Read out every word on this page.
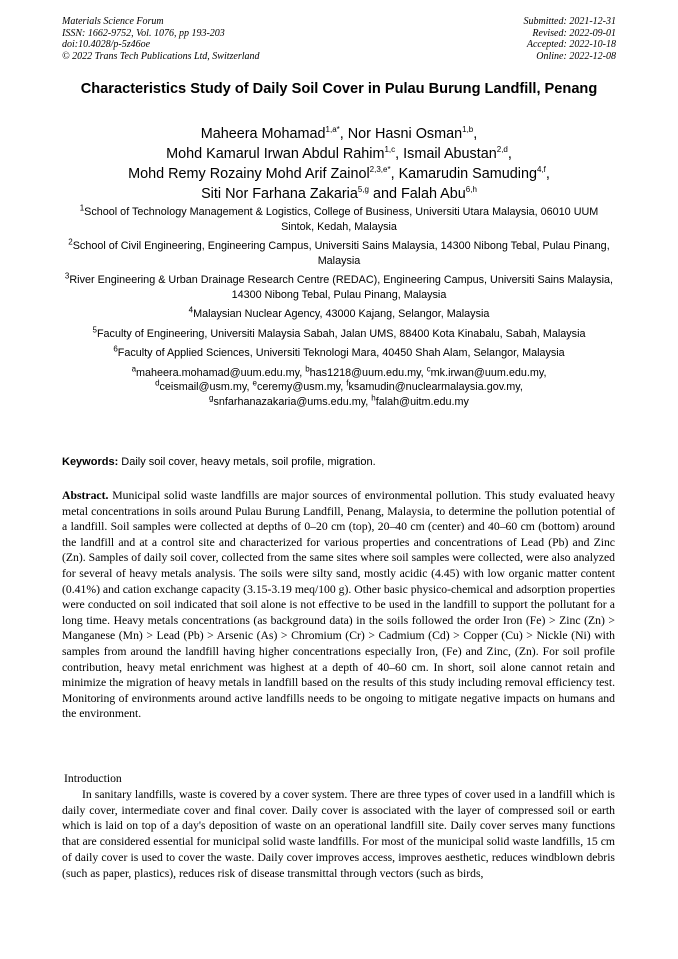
Materials Science Forum
ISSN: 1662-9752, Vol. 1076, pp 193-203
doi:10.4028/p-5z46oe
© 2022 Trans Tech Publications Ltd, Switzerland
Submitted: 2021-12-31
Revised: 2022-09-01
Accepted: 2022-10-18
Online: 2022-12-08
Characteristics Study of Daily Soil Cover in Pulau Burung Landfill, Penang
Maheera Mohamad$^{1,a*}$, Nor Hasni Osman$^{1,b}$,
Mohd Kamarul Irwan Abdul Rahim$^{1,c}$, Ismail Abustan$^{2,d}$,
Mohd Remy Rozainy Mohd Arif Zainol$^{2,3,e*}$, Kamarudin Samuding$^{4,f}$,
Siti Nor Farhana Zakaria$^{5,g}$ and Falah Abu$^{6,h}$
$^1$School of Technology Management & Logistics, College of Business, Universiti Utara Malaysia, 06010 UUM Sintok, Kedah, Malaysia
$^2$School of Civil Engineering, Engineering Campus, Universiti Sains Malaysia, 14300 Nibong Tebal, Pulau Pinang, Malaysia
$^3$River Engineering & Urban Drainage Research Centre (REDAC), Engineering Campus, Universiti Sains Malaysia, 14300 Nibong Tebal, Pulau Pinang, Malaysia
$^4$Malaysian Nuclear Agency, 43000 Kajang, Selangor, Malaysia
$^5$Faculty of Engineering, Universiti Malaysia Sabah, Jalan UMS, 88400 Kota Kinabalu, Sabah, Malaysia
$^6$Faculty of Applied Sciences, Universiti Teknologi Mara, 40450 Shah Alam, Selangor, Malaysia
$^a$maheera.mohamad@uum.edu.my, $^b$has1218@uum.edu.my, $^c$mk.irwan@uum.edu.my,
$^d$ceismail@usm.my, $^e$ceremy@usm.my, $^f$ksamudin@nuclearmalaysia.gov.my,
$^g$snfarhanazakaria@ums.edu.my, $^h$falah@uitm.edu.my
Keywords: Daily soil cover, heavy metals, soil profile, migration.

Abstract. Municipal solid waste landfills are major sources of environmental pollution. This study evaluated heavy metal concentrations in soils around Pulau Burung Landfill, Penang, Malaysia, to determine the pollution potential of a landfill. Soil samples were collected at depths of 0–20 cm (top), 20–40 cm (center) and 40–60 cm (bottom) around the landfill and at a control site and characterized for various properties and concentrations of Lead (Pb) and Zinc (Zn). Samples of daily soil cover, collected from the same sites where soil samples were collected, were also analyzed for several of heavy metals analysis. The soils were silty sand, mostly acidic (4.45) with low organic matter content (0.41%) and cation exchange capacity (3.15-3.19 meq/100 g). Other basic physico-chemical and adsorption properties were conducted on soil indicated that soil alone is not effective to be used in the landfill to support the pollutant for a long time. Heavy metals concentrations (as background data) in the soils followed the order Iron (Fe) > Zinc (Zn) > Manganese (Mn) > Lead (Pb) > Arsenic (As) > Chromium (Cr) > Cadmium (Cd) > Copper (Cu) > Nickle (Ni) with samples from around the landfill having higher concentrations especially Iron, (Fe) and Zinc, (Zn). For soil profile contribution, heavy metal enrichment was highest at a depth of 40–60 cm. In short, soil alone cannot retain and minimize the migration of heavy metals in landfill based on the results of this study including removal efficiency test. Monitoring of environments around active landfills needs to be ongoing to mitigate negative impacts on humans and the environment.

Introduction

In sanitary landfills, waste is covered by a cover system. There are three types of cover used in a landfill which is daily cover, intermediate cover and final cover. Daily cover is associated with the layer of compressed soil or earth which is laid on top of a day's deposition of waste on an operational landfill site. Daily cover serves many functions that are considered essential for municipal solid waste landfills. For most of the municipal solid waste landfills, 15 cm of daily cover is used to cover the waste. Daily cover improves access, improves aesthetic, reduces windblown debris (such as paper, plastics), reduces risk of disease transmittal through vectors (such as birds,
